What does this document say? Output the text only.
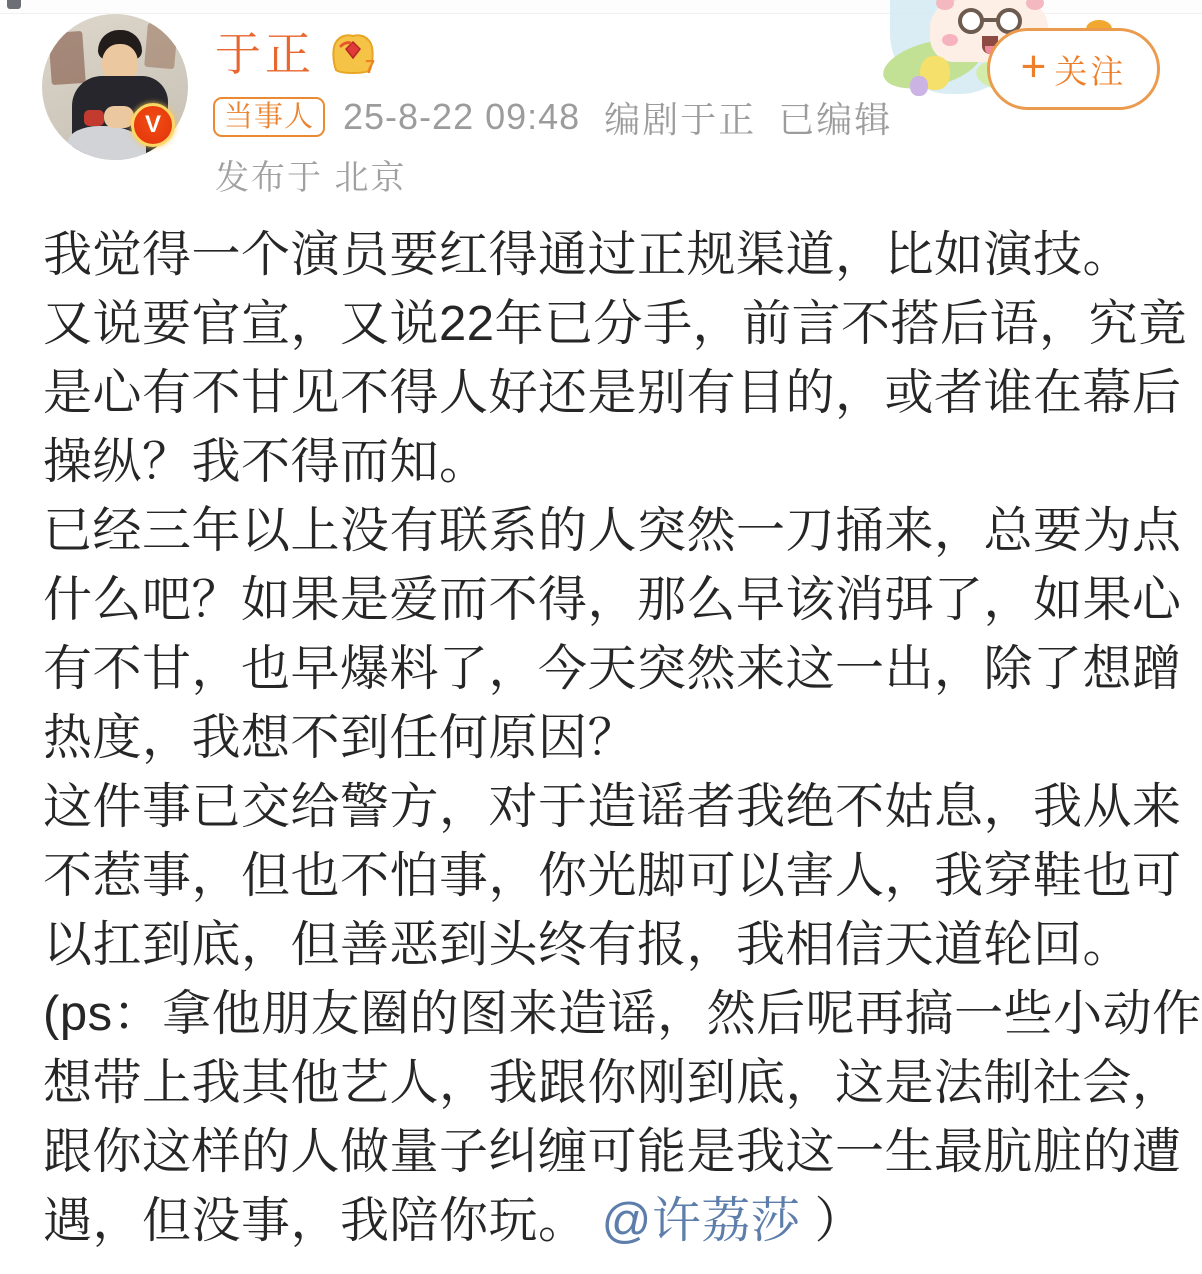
V
于正	7
当事人 25-8-22 09:48 编剧于正 已编辑
发布于 北京
+ 关注
我觉得一个演员要红得通过正规渠道，比如演技。
又说要官宣，又说22年已分手，前言不搭后语，究竟
是心有不甘见不得人好还是别有目的，或者谁在幕后
操纵？我不得而知。
已经三年以上没有联系的人突然一刀捅来，总要为点
什么吧？如果是爱而不得，那么早该消弭了，如果心
有不甘，也早爆料了，今天突然来这一出，除了想蹭
热度，我想不到任何原因？
这件事已交给警方，对于造谣者我绝不姑息，我从来
不惹事，但也不怕事，你光脚可以害人，我穿鞋也可
以扛到底，但善恶到头终有报，我相信天道轮回。
(ps：拿他朋友圈的图来造谣，然后呢再搞一些小动作
想带上我其他艺人，我跟你刚到底，这是法制社会，
跟你这样的人做量子纠缠可能是我这一生最肮脏的遭
遇，但没事，我陪你玩。 @许荔莎 ）
